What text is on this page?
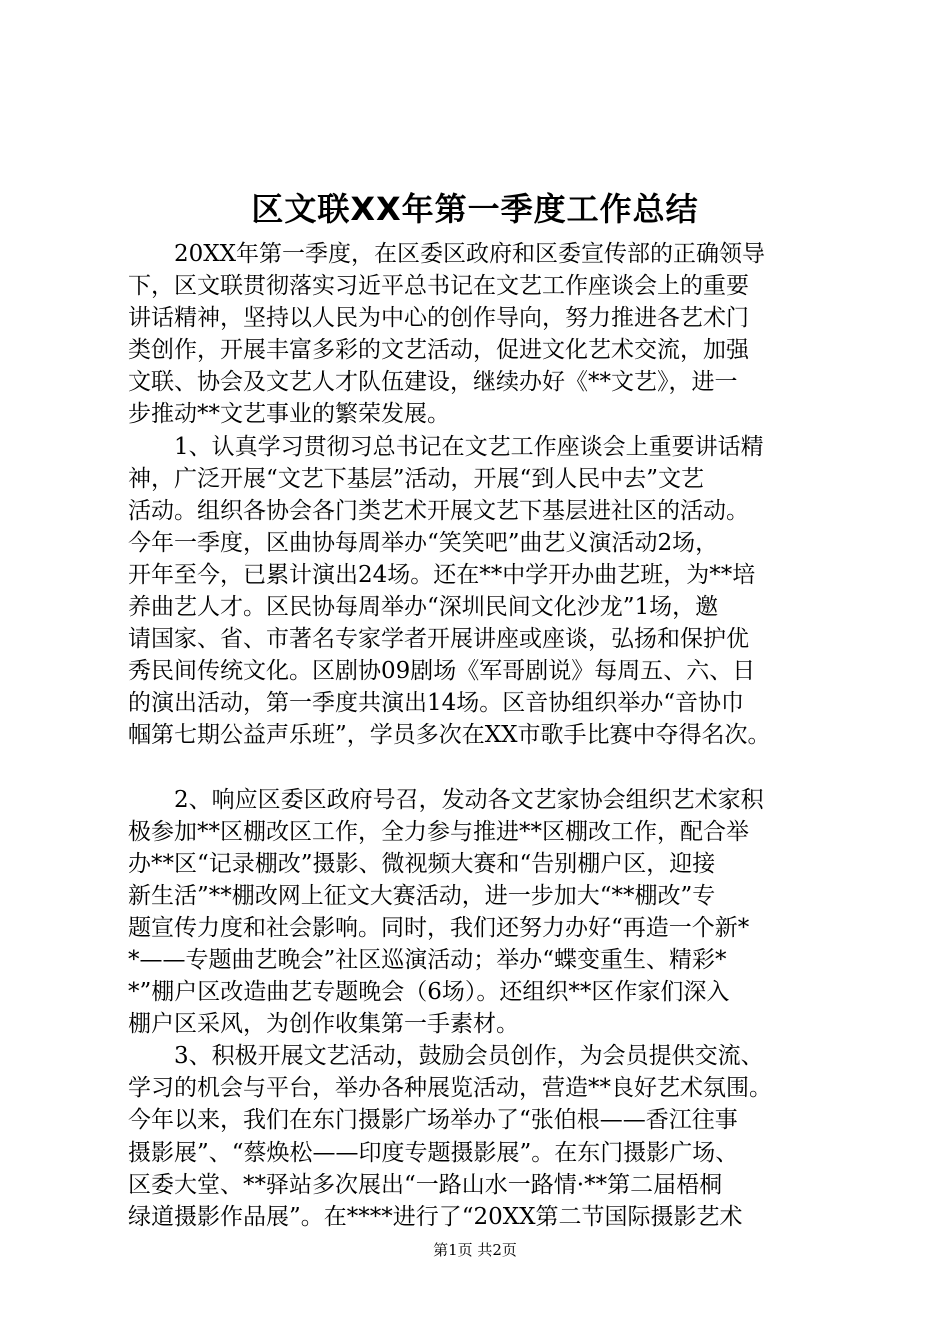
区文联XX年第一季度工作总结
20XX年第一季度，在区委区政府和区委宣传部的正确领导
下，区文联贯彻落实习近平总书记在文艺工作座谈会上的重要
讲话精神，坚持以人民为中心的创作导向，努力推进各艺术门
类创作，开展丰富多彩的文艺活动，促进文化艺术交流，加强
文联、协会及文艺人才队伍建设，继续办好《**文艺》，进一
步推动**文艺事业的繁荣发展。
1、认真学习贯彻习总书记在文艺工作座谈会上重要讲话精
神，广泛开展“文艺下基层”活动，开展“到人民中去”文艺
活动。组织各协会各门类艺术开展文艺下基层进社区的活动。
今年一季度，区曲协每周举办“笑笑吧”曲艺义演活动2场，
开年至今，已累计演出24场。还在**中学开办曲艺班，为**培
养曲艺人才。区民协每周举办“深圳民间文化沙龙”1场，邀
请国家、省、市著名专家学者开展讲座或座谈，弘扬和保护优
秀民间传统文化。区剧协09剧场《军哥剧说》每周五、六、日
的演出活动，第一季度共演出14场。区音协组织举办“音协巾
帼第七期公益声乐班”，学员多次在XX市歌手比赛中夺得名次。
2、响应区委区政府号召，发动各文艺家协会组织艺术家积
极参加**区棚改区工作，全力参与推进**区棚改工作，配合举
办**区“记录棚改”摄影、微视频大赛和“告别棚户区，迎接
新生活”**棚改网上征文大赛活动，进一步加大“**棚改”专
题宣传力度和社会影响。同时，我们还努力办好“再造一个新*
*——专题曲艺晚会”社区巡演活动；举办“蝶变重生、精彩*
*”棚户区改造曲艺专题晚会（6场）。还组织**区作家们深入
棚户区采风，为创作收集第一手素材。
3、积极开展文艺活动，鼓励会员创作，为会员提供交流、
学习的机会与平台，举办各种展览活动，营造**良好艺术氛围。
今年以来，我们在东门摄影广场举办了“张伯根——香江往事
摄影展”、“蔡焕松——印度专题摄影展”。在东门摄影广场、
区委大堂、**驿站多次展出“一路山水一路情·**第二届梧桐
绿道摄影作品展”。在****进行了“20XX第二节国际摄影艺术
第1页 共2页
